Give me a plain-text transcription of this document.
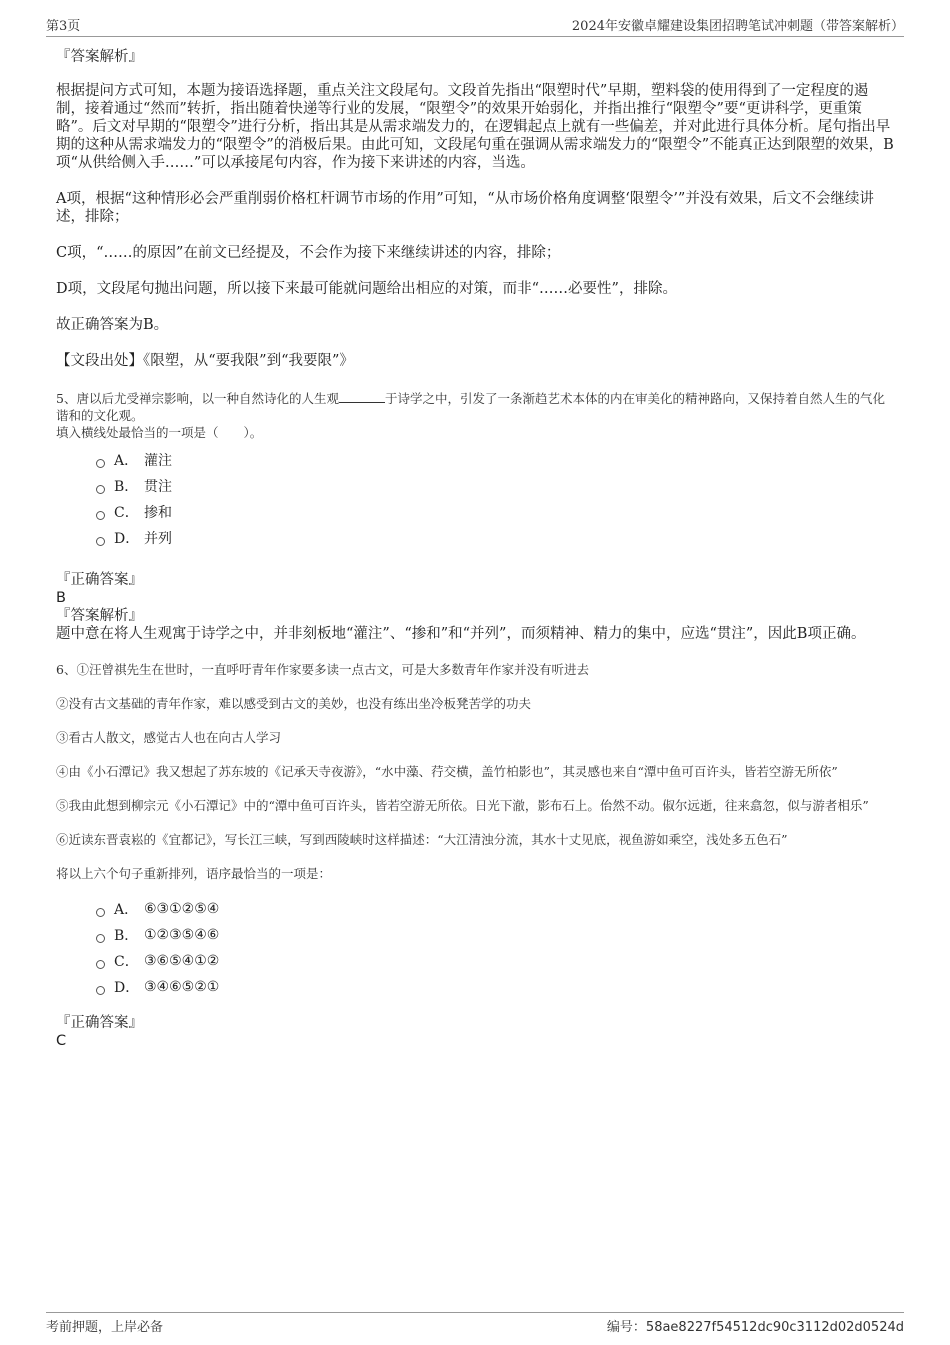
第3页	2024年安徽卓耀建设集团招聘笔试冲刺题（带答案解析）

『答案解析』

根据提问方式可知，本题为接语选择题，重点关注文段尾句。文段首先指出“限塑时代”早期，塑料袋的使用得到了一定程度的遏制，接着通过“然而”转折，指出随着快递等行业的发展，“限塑令”的效果开始弱化，并指出推行“限塑令”要“更讲科学，更重策略”。后文对早期的“限塑令”进行分析，指出其是从需求端发力的，在逻辑起点上就有一些偏差，并对此进行具体分析。尾句指出早期的这种从需求端发力的“限塑令”的消极后果。由此可知，文段尾句重在强调从需求端发力的“限塑令”不能真正达到限塑的效果，B项“从供给侧入手……”可以承接尾句内容，作为接下来讲述的内容，当选。

A项，根据“这种情形必会严重削弱价格杠杆调节市场的作用”可知，“从市场价格角度调整‘限塑令’”并没有效果，后文不会继续讲述，排除；

C项，“……的原因”在前文已经提及，不会作为接下来继续讲述的内容，排除；

D项，文段尾句抛出问题，所以接下来最可能就问题给出相应的对策，而非“……必要性”，排除。

故正确答案为B。

【文段出处】《限塑，从“要我限”到“我要限”》

5、唐以后尤受禅宗影响，以一种自然诗化的人生观	于诗学之中，引发了一条渐趋艺术本体的内在审美化的精神路向，又保持着自然人生的气化谐和的文化观。

填入横线处最恰当的一项是（　　）。

A． 灌注
B． 贯注
C． 掺和
D． 并列

『正确答案』

B

『答案解析』

题中意在将人生观寓于诗学之中，并非刻板地“灌注”、“掺和”和“并列”，而须精神、精力的集中，应选“贯注”，因此B项正确。

6、①汪曾祺先生在世时，一直呼吁青年作家要多读一点古文，可是大多数青年作家并没有听进去

②没有古文基础的青年作家，难以感受到古文的美妙，也没有练出坐冷板凳苦学的功夫

③看古人散文，感觉古人也在向古人学习

④由《小石潭记》我又想起了苏东坡的《记承天寺夜游》，“水中藻、荇交横，盖竹柏影也”，其灵感也来自“潭中鱼可百许头，皆若空游无所依”

⑤我由此想到柳宗元《小石潭记》中的“潭中鱼可百许头，皆若空游无所依。日光下澈，影布石上。佁然不动。俶尔远逝，往来翕忽，似与游者相乐”

⑥近读东晋袁崧的《宜都记》，写长江三峡，写到西陵峡时这样描述：“大江清浊分流，其水十丈见底，视鱼游如乘空，浅处多五色石”

将以上六个句子重新排列，语序最恰当的一项是：

A． ⑥③①②⑤④
B． ①②③⑤④⑥
C． ③⑥⑤④①②
D． ③④⑥⑤②①

『正确答案』

C

考前押题，上岸必备	编号：58ae8227f54512dc90c3112d02d0524d
